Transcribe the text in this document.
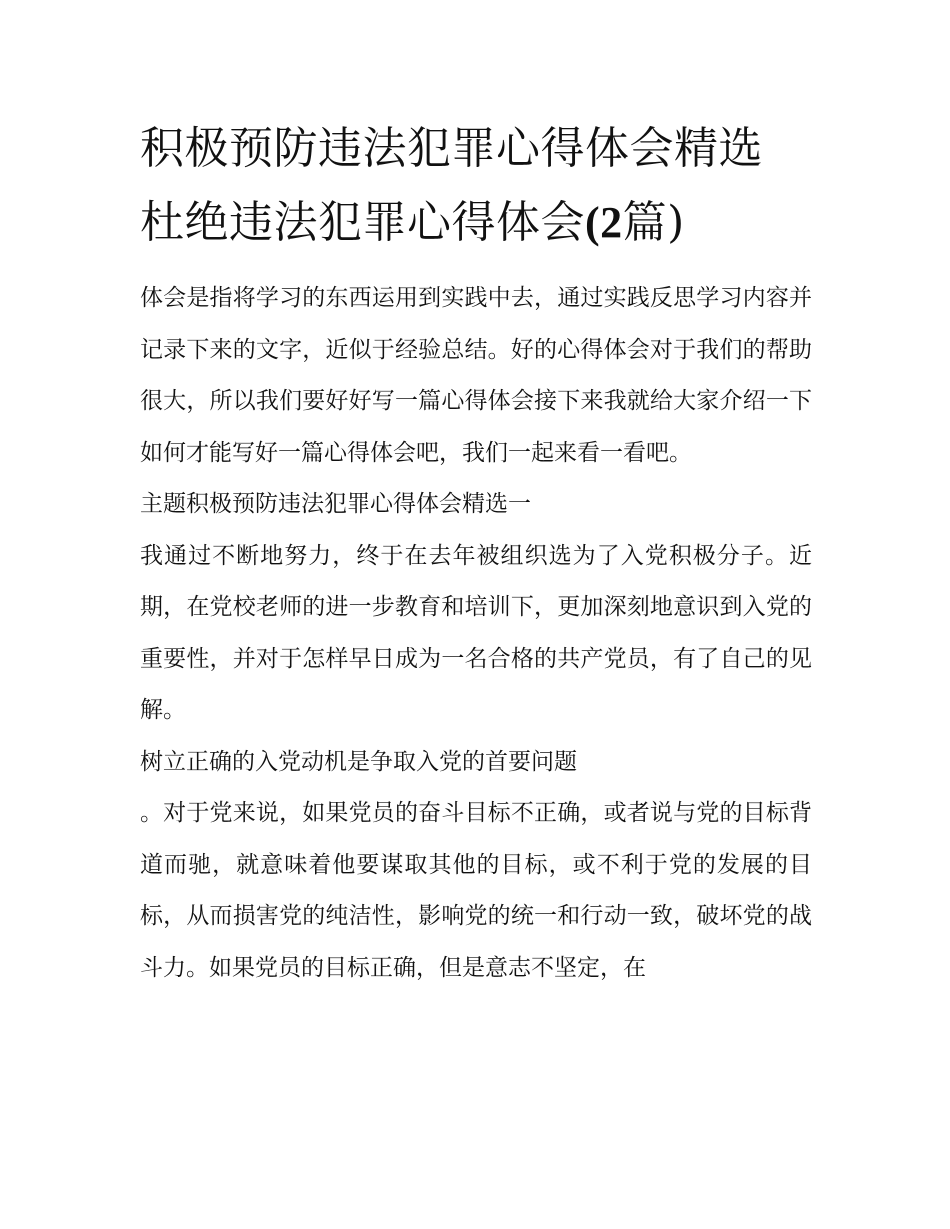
积极预防违法犯罪心得体会精选 杜绝违法犯罪心得体会(2篇)

体会是指将学习的东西运用到实践中去，通过实践反思学习内容并记录下来的文字，近似于经验总结。好的心得体会对于我们的帮助很大，所以我们要好好写一篇心得体会接下来我就给大家介绍一下如何才能写好一篇心得体会吧，我们一起来看一看吧。

主题积极预防违法犯罪心得体会精选一

我通过不断地努力，终于在去年被组织选为了入党积极分子。近期，在党校老师的进一步教育和培训下，更加深刻地意识到入党的重要性，并对于怎样早日成为一名合格的共产党员，有了自己的见解。

树立正确的入党动机是争取入党的首要问题

。对于党来说，如果党员的奋斗目标不正确，或者说与党的目标背道而驰，就意味着他要谋取其他的目标，或不利于党的发展的目标，从而损害党的纯洁性，影响党的统一和行动一致，破坏党的战斗力。如果党员的目标正确，但是意志不坚定，在
